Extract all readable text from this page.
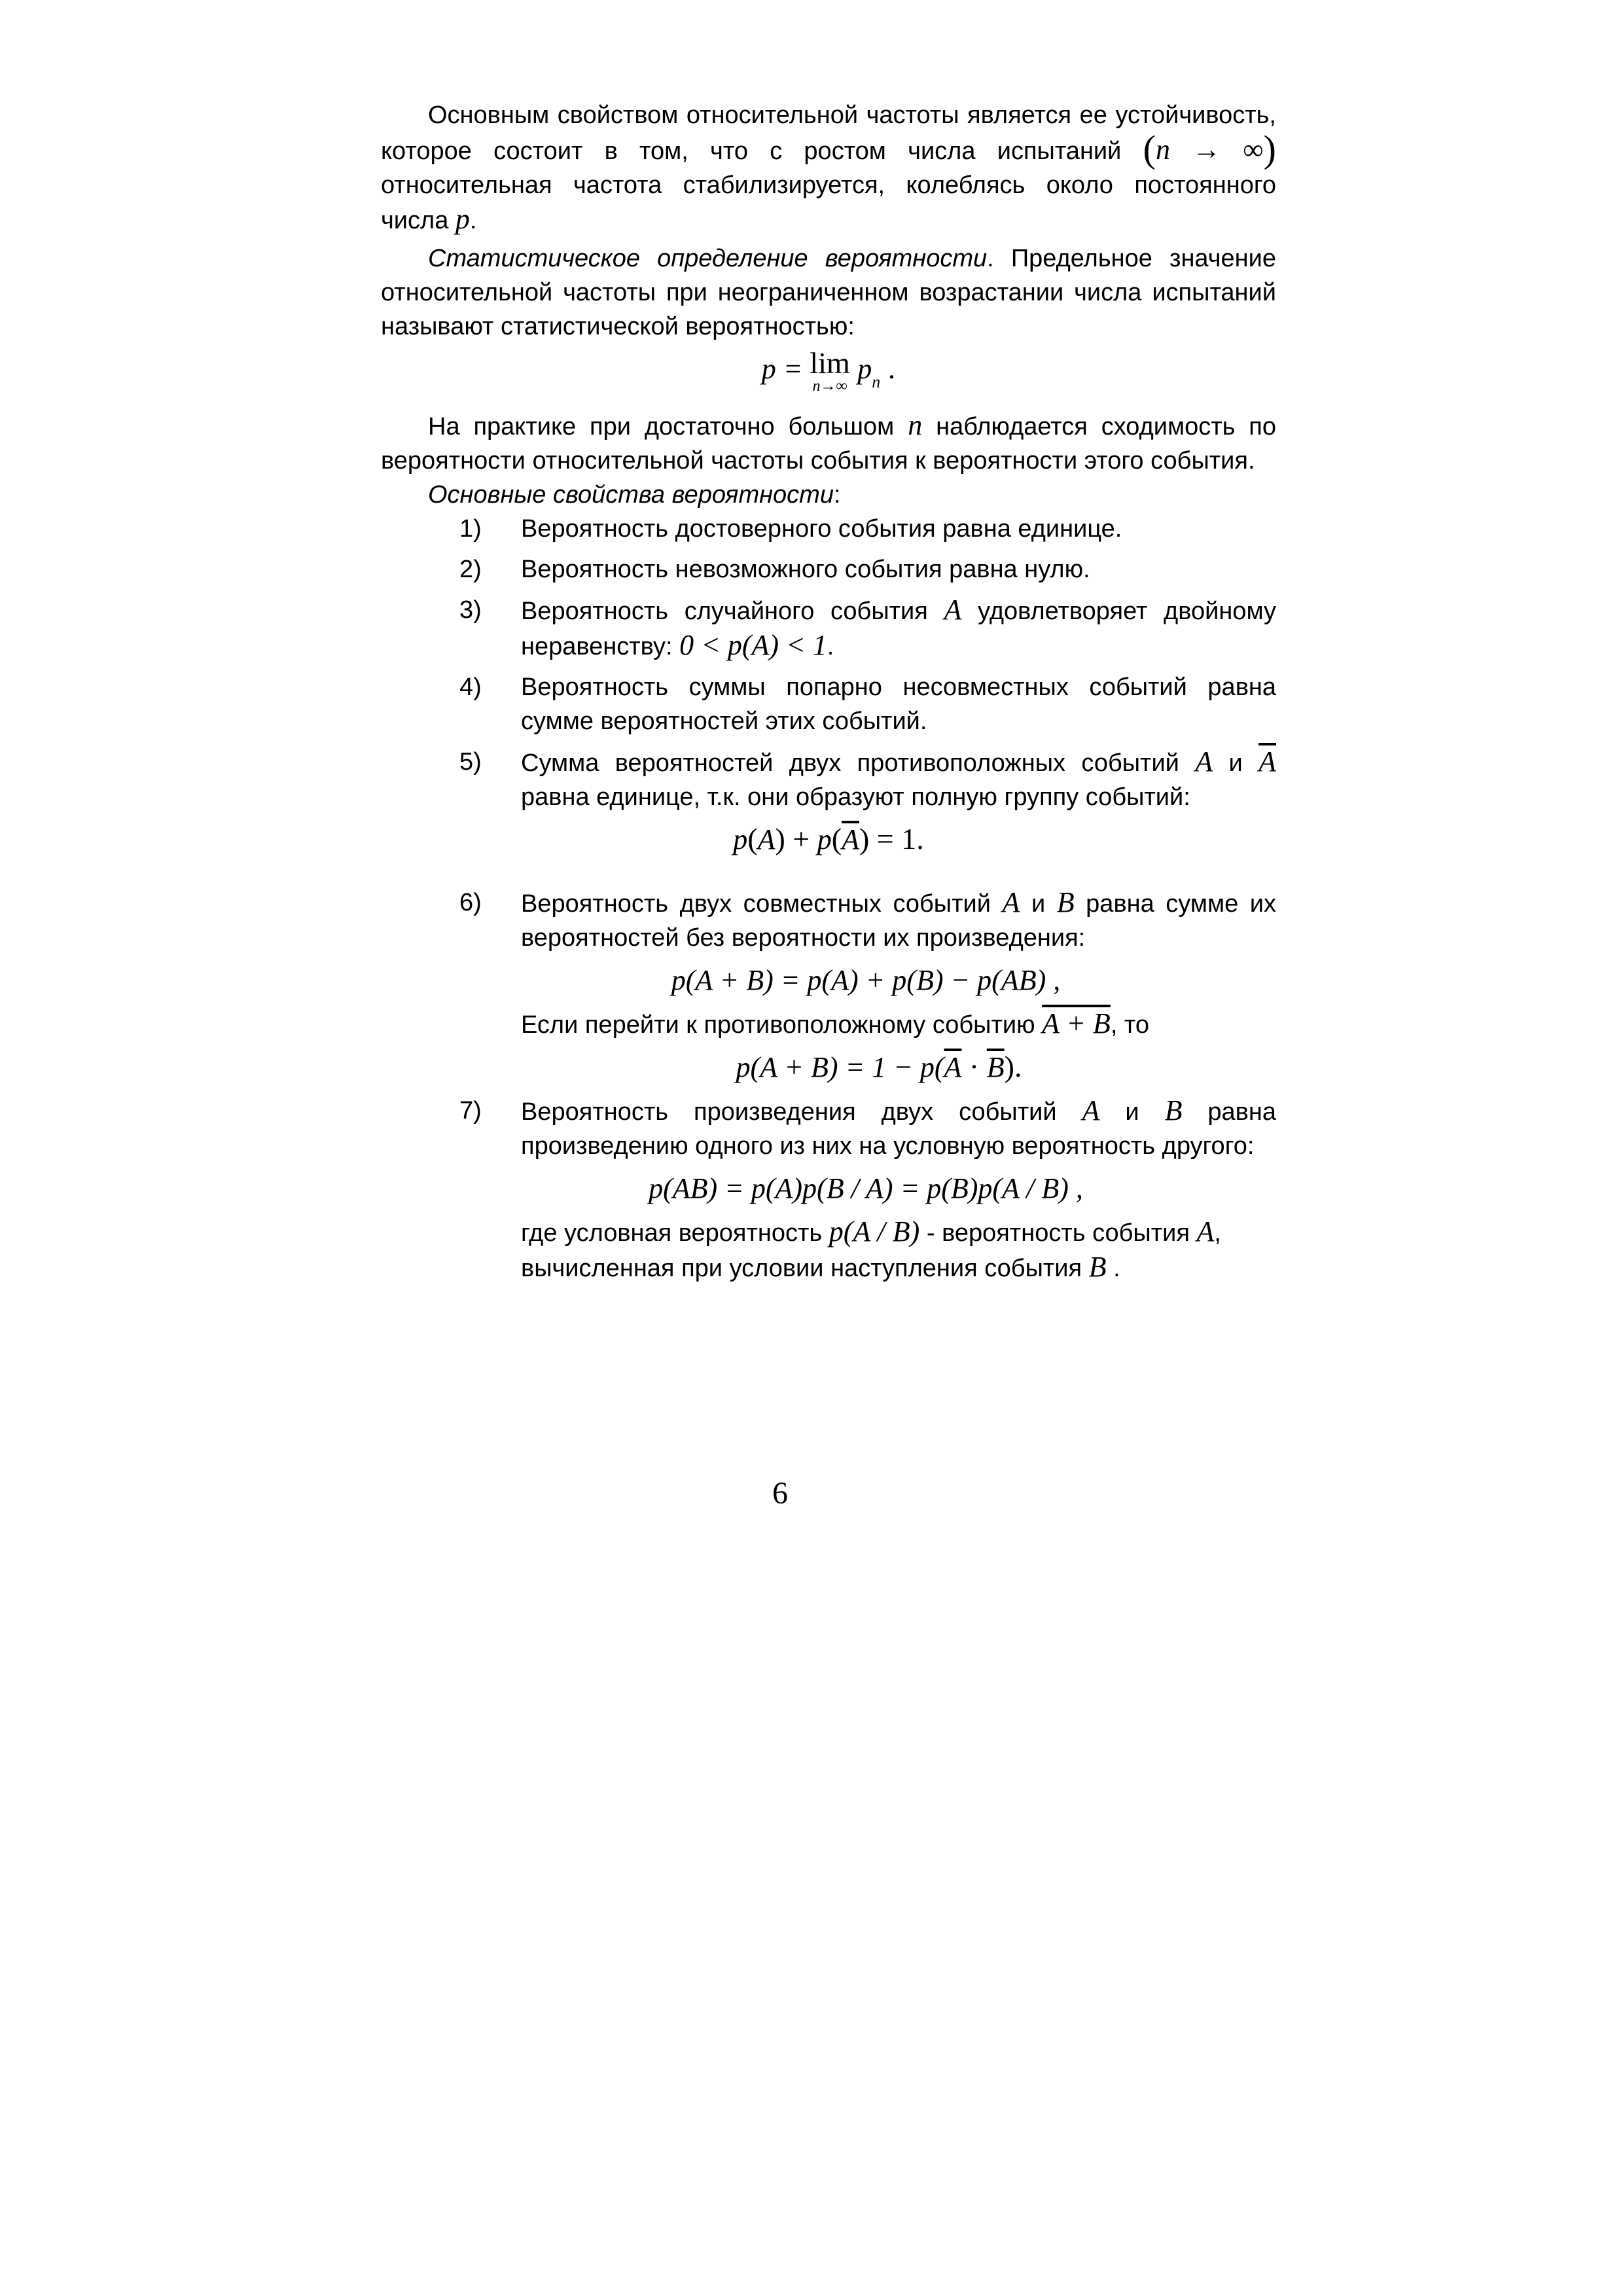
Основным свойством относительной частоты является ее устойчивость, которое состоит в том, что с ростом числа испытаний (n → ∞) относительная частота стабилизируется, колеблясь около постоянного числа p.

Статистическое определение вероятности. Предельное значение относительной частоты при неограниченном возрастании числа испытаний называют статистической вероятностью:

p = lim
n→∞
$p_n$ .

На практике при достаточно большом n наблюдается сходимость по вероятности относительной частоты события к вероятности этого события.

Основные свойства вероятности:

1) Вероятность достоверного события равна единице.
2) Вероятность невозможного события равна нулю.
3) Вероятность случайного события A удовлетворяет двойному неравенству: 0 < p(A) < 1.
4) Вероятность суммы попарно несовместных событий равна сумме вероятностей этих событий.
5) Сумма вероятностей двух противоположных событий A и $\overline{A}$ равна единице, т.к. они образуют полную группу событий:
$p(A) + p(\overline{A}) = 1$.
6) Вероятность двух совместных событий A и B равна сумме их вероятностей без вероятности их произведения:
p(A + B) = p(A) + p(B) − p(AB) ,
Если перейти к противоположному событию A + B, то
$p(A + B) = 1 - p(\overline{A} \cdot \overline{B})$.
7) Вероятность произведения двух событий A и B равна произведению одного из них на условную вероятность другого:
p(AB) = p(A)p(B / A) = p(B)p(A / B) ,
где условная вероятность p(A / B) - вероятность события A, вычисленная при условии наступления события B .
6
